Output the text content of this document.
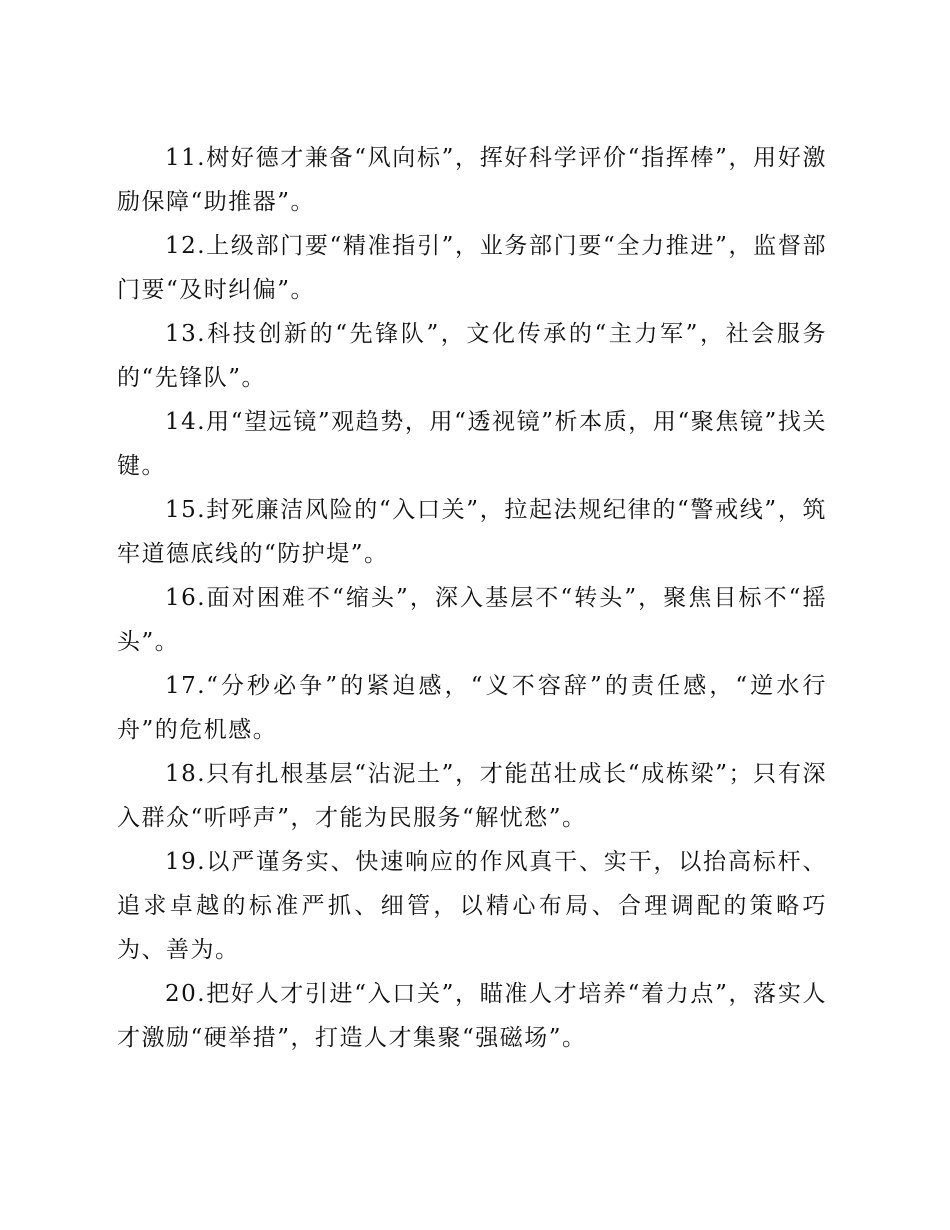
11.树好德才兼备“风向标”，挥好科学评价“指挥棒”，用好激励保障“助推器”。

12.上级部门要“精准指引”，业务部门要“全力推进”，监督部门要“及时纠偏”。

13.科技创新的“先锋队”，文化传承的“主力军”，社会服务的“先锋队”。

14.用“望远镜”观趋势，用“透视镜”析本质，用“聚焦镜”找关键。

15.封死廉洁风险的“入口关”，拉起法规纪律的“警戒线”，筑牢道德底线的“防护堤”。

16.面对困难不“缩头”，深入基层不“转头”，聚焦目标不“摇头”。

17.“分秒必争”的紧迫感，“义不容辞”的责任感，“逆水行舟”的危机感。

18.只有扎根基层“沾泥土”，才能茁壮成长“成栋梁”；只有深入群众“听呼声”，才能为民服务“解忧愁”。

19.以严谨务实、快速响应的作风真干、实干，以抬高标杆、追求卓越的标准严抓、细管，以精心布局、合理调配的策略巧为、善为。

20.把好人才引进“入口关”，瞄准人才培养“着力点”，落实人才激励“硬举措”，打造人才集聚“强磁场”。
